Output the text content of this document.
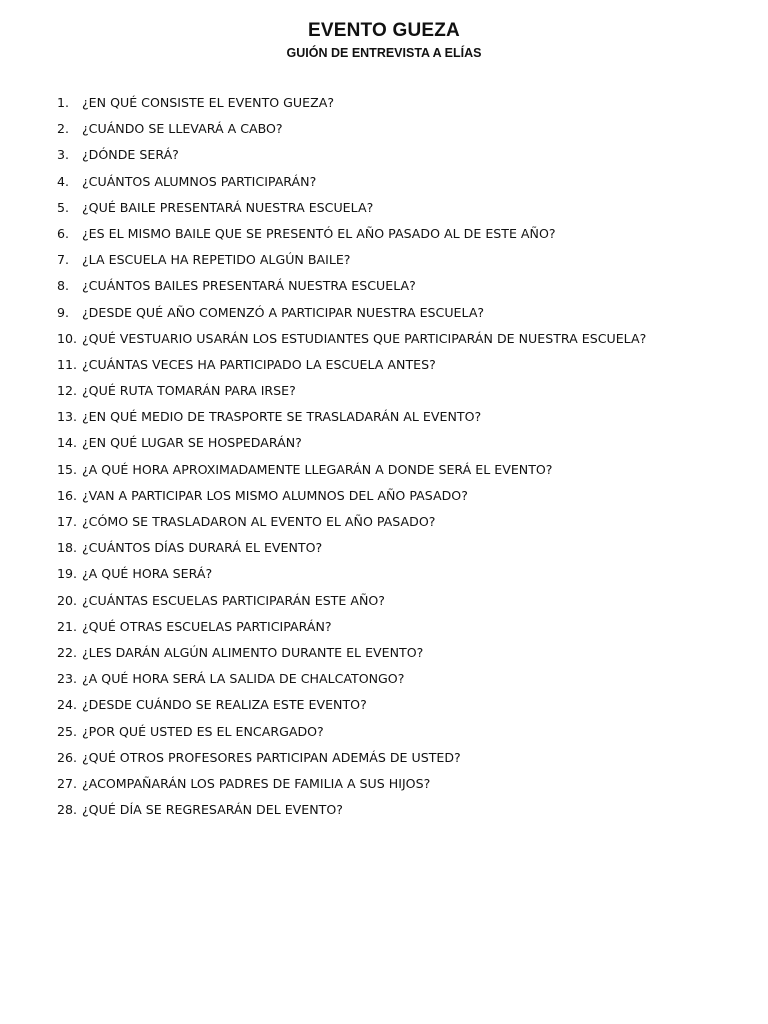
EVENTO GUEZA
GUIÓN DE ENTREVISTA A ELÍAS
1.	¿EN QUÉ CONSISTE EL EVENTO GUEZA?
2.	¿CUÁNDO SE LLEVARÁ A CABO?
3.	¿DÓNDE SERÁ?
4.	¿CUÁNTOS ALUMNOS PARTICIPARÁN?
5.	¿QUÉ BAILE PRESENTARÁ NUESTRA ESCUELA?
6.	¿ES EL MISMO BAILE QUE SE PRESENTÓ EL AÑO PASADO AL DE ESTE AÑO?
7.	¿LA ESCUELA HA REPETIDO ALGÚN BAILE?
8.	¿CUÁNTOS BAILES PRESENTARÁ NUESTRA ESCUELA?
9.	¿DESDE QUÉ AÑO COMENZÓ A PARTICIPAR NUESTRA ESCUELA?
10. ¿QUÉ VESTUARIO USARÁN LOS ESTUDIANTES QUE PARTICIPARÁN DE NUESTRA ESCUELA?
11. ¿CUÁNTAS VECES HA PARTICIPADO LA ESCUELA ANTES?
12. ¿QUÉ RUTA TOMARÁN PARA IRSE?
13. ¿EN QUÉ MEDIO DE TRASPORTE SE TRASLADARÁN AL EVENTO?
14. ¿EN QUÉ LUGAR SE HOSPEDARÁN?
15. ¿A QUÉ HORA APROXIMADAMENTE LLEGARÁN A DONDE SERÁ EL EVENTO?
16. ¿VAN A PARTICIPAR LOS MISMO ALUMNOS DEL AÑO PASADO?
17. ¿CÓMO SE TRASLADARON AL EVENTO EL AÑO PASADO?
18. ¿CUÁNTOS DÍAS DURARÁ EL EVENTO?
19. ¿A QUÉ HORA SERÁ?
20. ¿CUÁNTAS ESCUELAS PARTICIPARÁN ESTE AÑO?
21. ¿QUÉ OTRAS ESCUELAS PARTICIPARÁN?
22. ¿LES DARÁN ALGÚN ALIMENTO DURANTE EL EVENTO?
23. ¿A QUÉ HORA SERÁ LA SALIDA DE CHALCATONGO?
24. ¿DESDE CUÁNDO SE REALIZA ESTE EVENTO?
25. ¿POR QUÉ USTED ES EL ENCARGADO?
26. ¿QUÉ OTROS PROFESORES PARTICIPAN ADEMÁS DE USTED?
27. ¿ACOMPAÑARÁN LOS PADRES DE FAMILIA A SUS HIJOS?
28. ¿QUÉ DÍA SE REGRESARÁN DEL EVENTO?
